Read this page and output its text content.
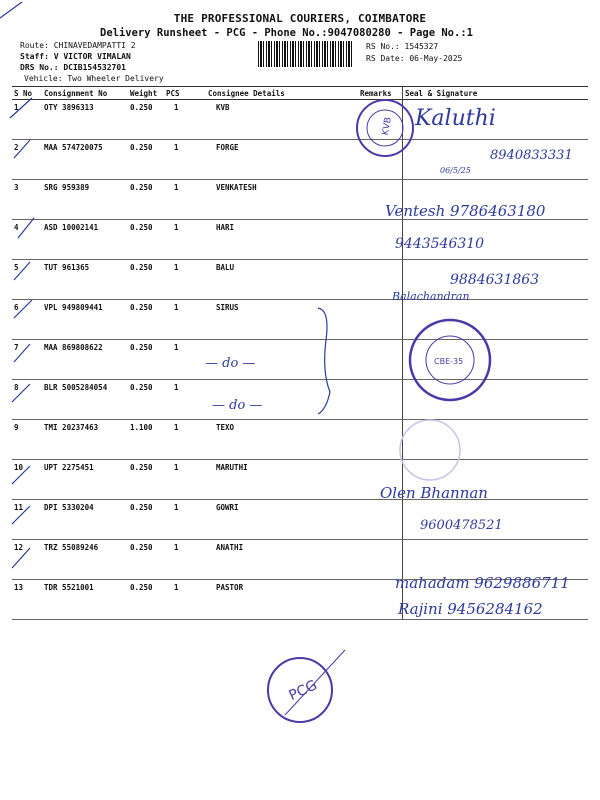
THE PROFESSIONAL COURIERS, COIMBATORE
Delivery Runsheet - PCG - Phone No.:9047080280 - Page No.:1
Route: CHINAVEDAMPATTI 2
Staff: V VICTOR VIMALAN
DRS No.: DCIB154532701
Vehicle: Two Wheeler Delivery
RS No.: 1545327
RS Date: 06-May-2025
S No	Consignment No	Weight	PCS	Consignee Details	Remarks	Seal & Signature
1	OTY 3896313	0.250	1	KVB		
2	MAA 574720075	0.250	1	FORGE		
3	SRG 959389	0.250	1	VENKATESH		
4	ASD 10002141	0.250	1	HARI		
5	TUT 961365	0.250	1	BALU		
6	VPL 949809441	0.250	1	SIRUS		
7	MAA 869808622	0.250	1			
8	BLR 5005284054	0.250	1			
9	TMI 20237463	1.100	1	TEXO		
10	UPT 2275451	0.250	1	MARUTHI		
11	DPI 5330204	0.250	1	GOWRI		
12	TRZ 55089246	0.250	1	ANATHI		
13	TDR 5521001	0.250	1	PASTOR		
KVB
CBE-35
PCG
Kaluthi
8940833331
06/5/25
Ventesh 9786463180
9443546310
9884631863
Balachandran
— do —
— do —
Olen Bhannan
9600478521
mahadam 9629886711
Rajini 9456284162
